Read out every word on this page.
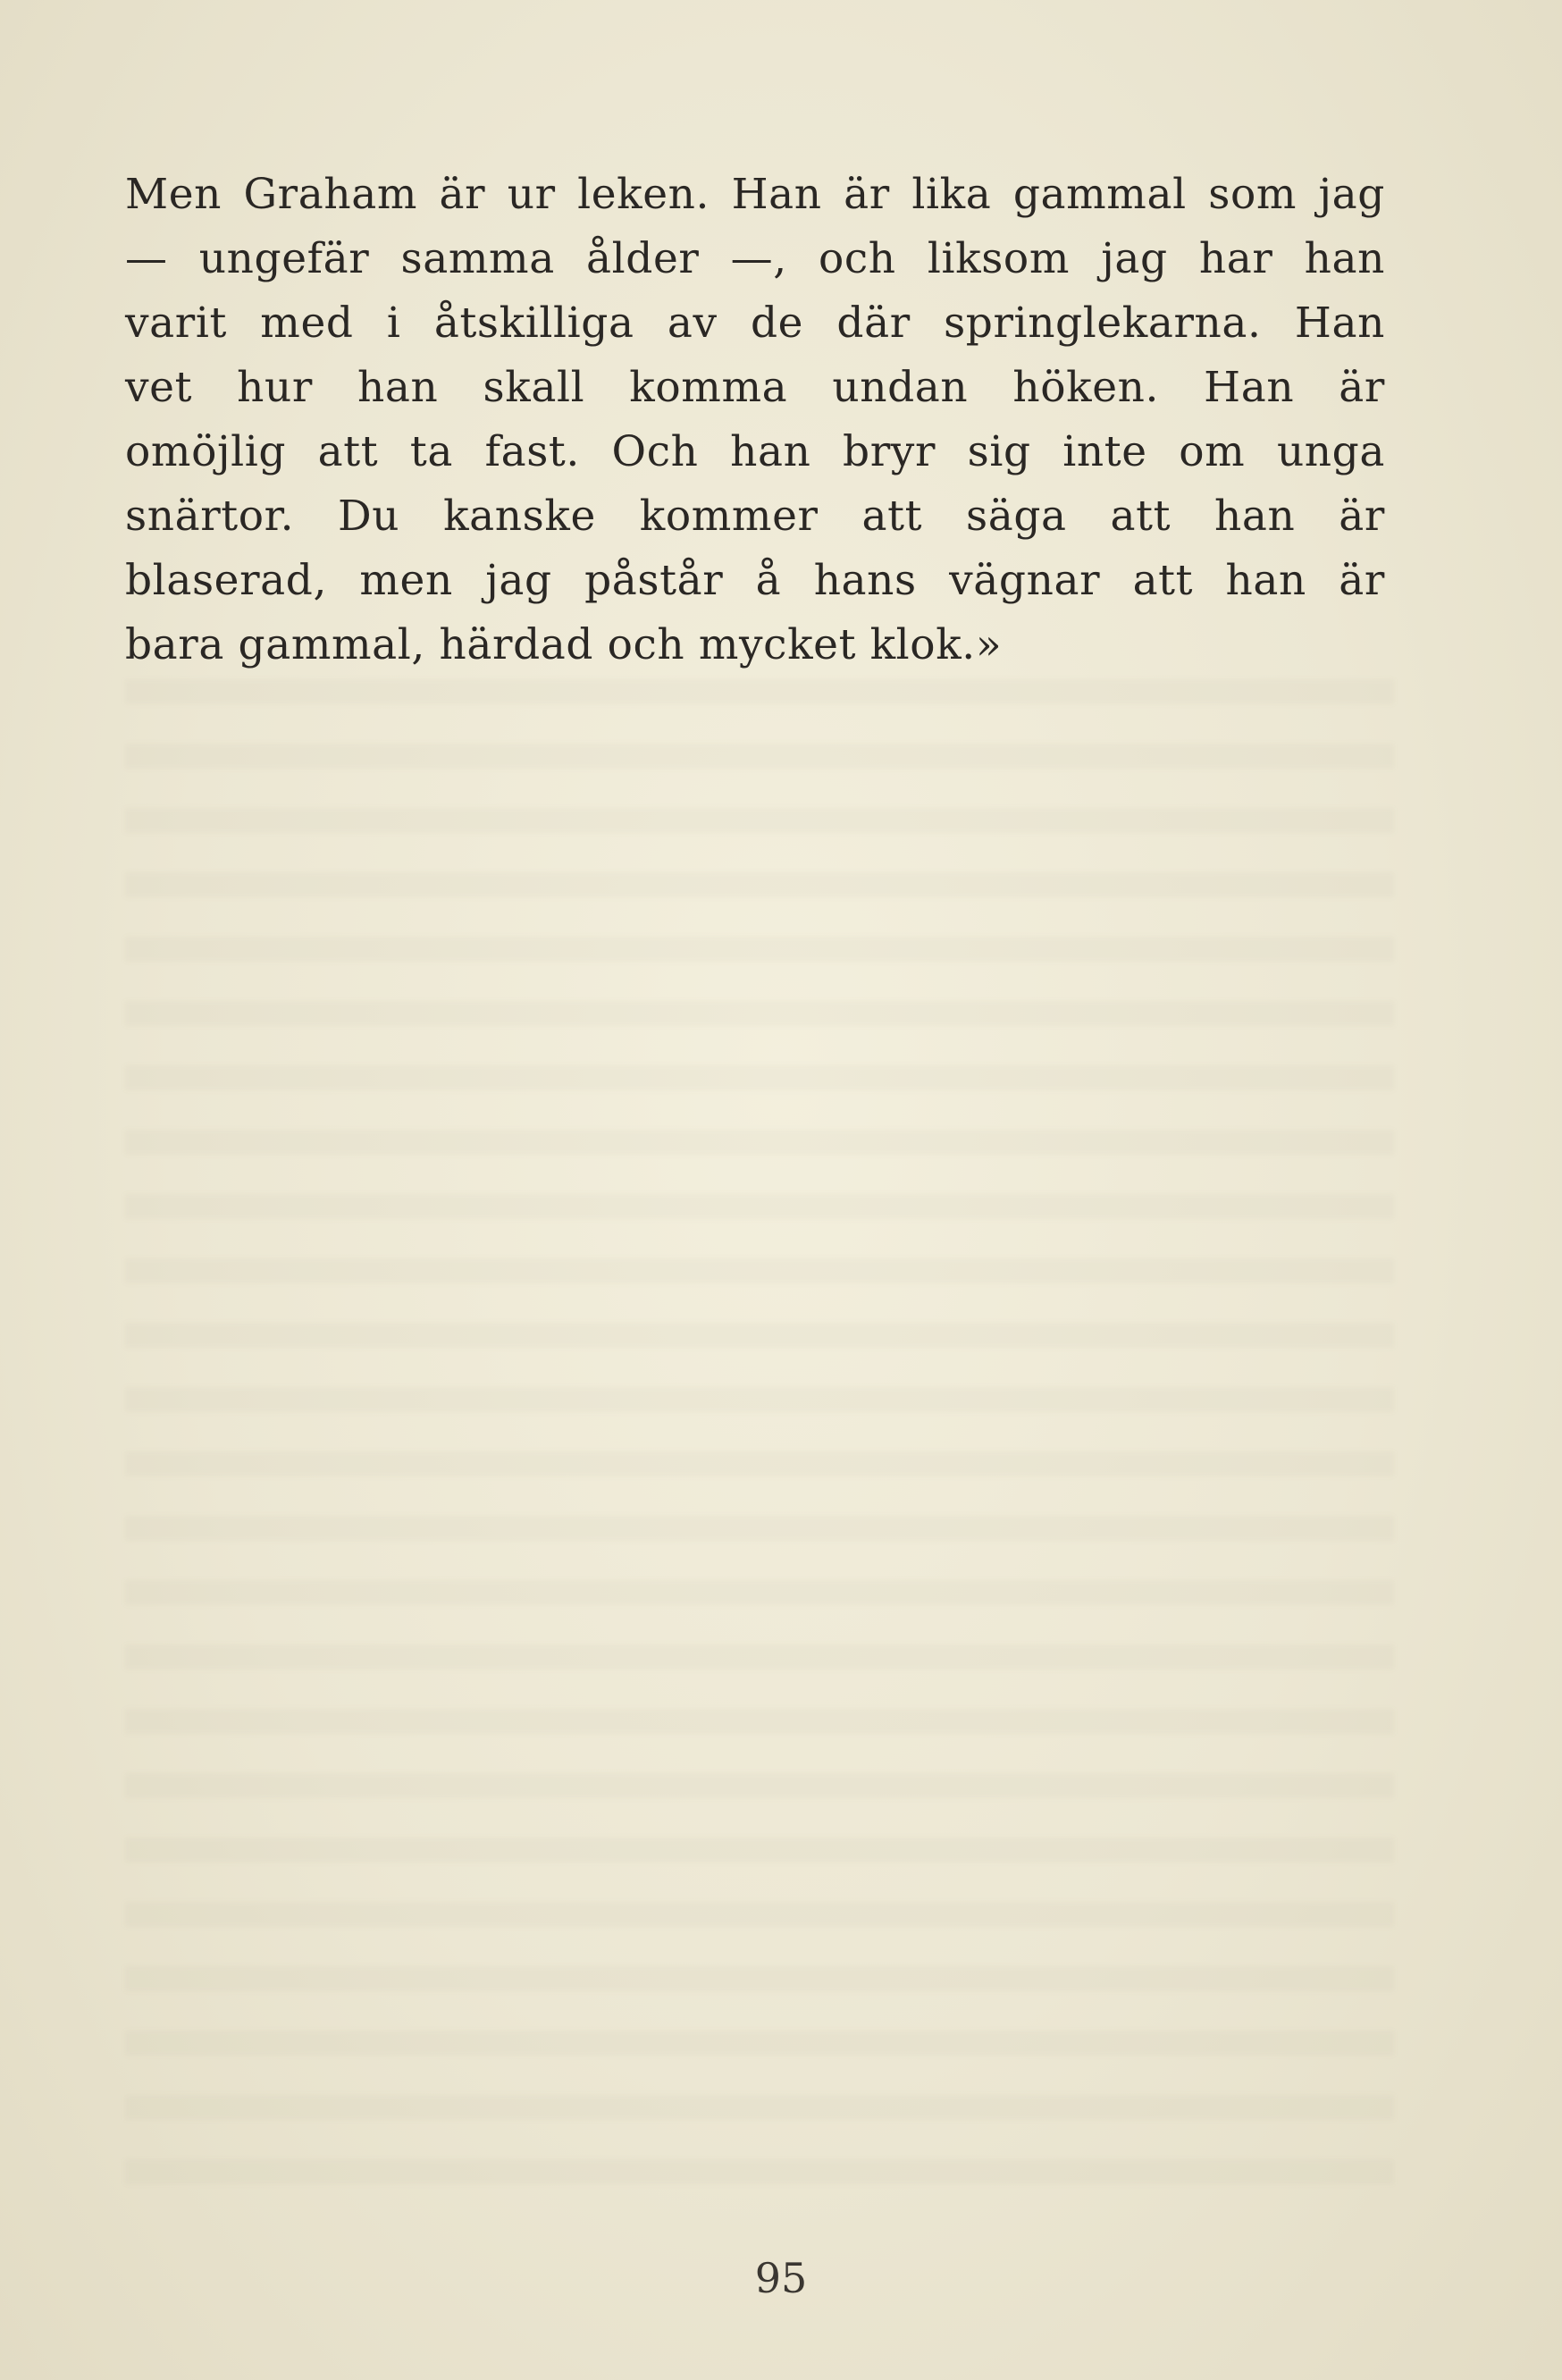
Men Graham är ur leken. Han är lika gammal som jag
— ungefär samma ålder —, och liksom jag har han
varit med i åtskilliga av de där springlekarna. Han
vet hur han skall komma undan höken. Han är
omöjlig att ta fast. Och han bryr sig inte om unga
snärtor. Du kanske kommer att säga att han är
blaserad, men jag påstår å hans vägnar att han är
bara gammal, härdad och mycket klok.»
95
